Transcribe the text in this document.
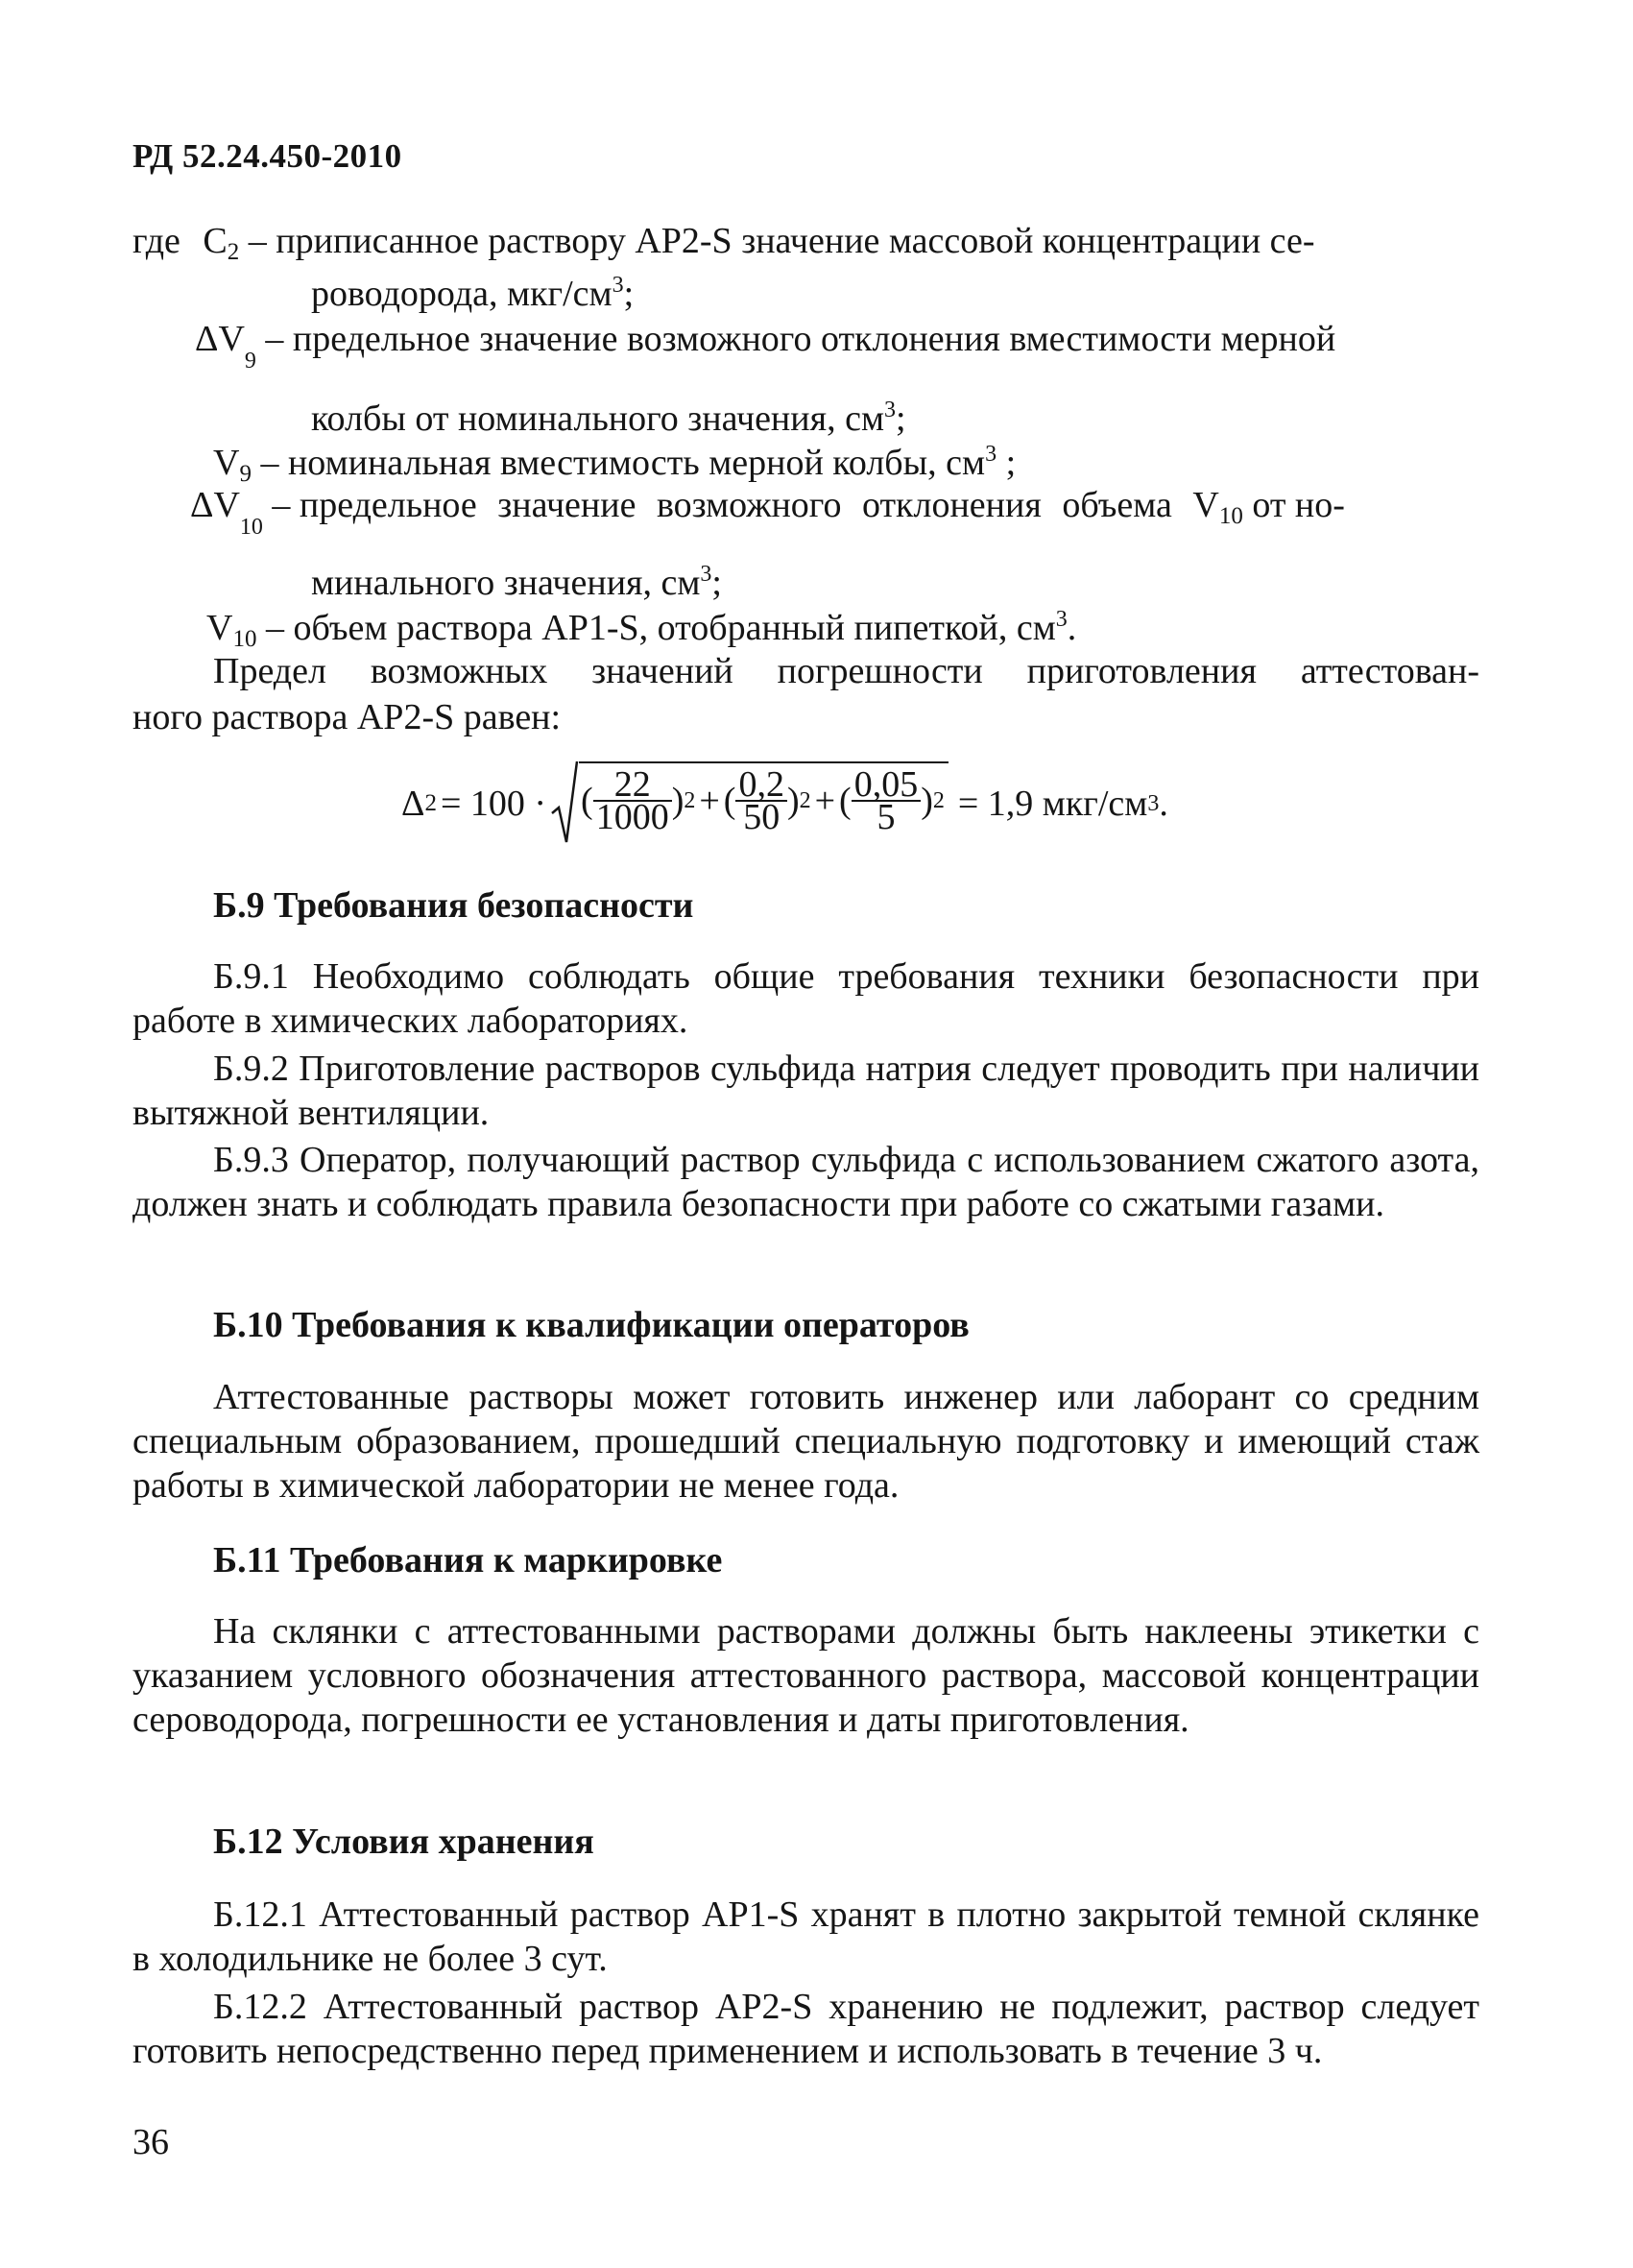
РД 52.24.450-2010
где $С_2$ – приписанное раствору АР2-S значение массовой концентрации се-
роводорода, мкг/$см^3$;
$\Delta V_9$ – предельное значение возможного отклонения вместимости мерной
колбы от номинального значения, $см^3$;
$V_9$ – номинальная вместимость мерной колбы, $см^3$ ;
$\Delta V_{10}$ – предельное значение возможного отклонения объема $V_{10}$ от но-
минального значения, $см^3$;
$V_{10}$ – объем раствора АР1-S, отобранный пипеткой, $см^3$.
Предел возможных значений погрешности приготовления аттестован-
ного раствора АР2-S равен:
Δ 2 = 100 · ( $\frac{22}{1000}$ ) 2 + ( $\frac{0,2}{50}$ ) 2 + ( $\frac{0,05}{5}$ ) 2 = 1,9 мкг/см 3 .
Б.9 Требования безопасности
Б.9.1 Необходимо соблюдать общие требования техники безопасности при работе в химических лабораториях.
Б.9.2 Приготовление растворов сульфида натрия следует проводить при наличии вытяжной вентиляции.
Б.9.3 Оператор, получающий раствор сульфида с использованием сжатого азота, должен знать и соблюдать правила безопасности при работе со сжатыми газами.
Б.10 Требования к квалификации операторов
Аттестованные растворы может готовить инженер или лаборант со средним специальным образованием, прошедший специальную подготовку и имеющий стаж работы в химической лаборатории не менее года.
Б.11 Требования к маркировке
На склянки с аттестованными растворами должны быть наклеены этикетки с указанием условного обозначения аттестованного раствора, массовой концентрации сероводорода, погрешности ее установления и даты приготовления.
Б.12 Условия хранения
Б.12.1 Аттестованный раствор АР1-S хранят в плотно закрытой темной склянке в холодильнике не более 3 сут.
Б.12.2 Аттестованный раствор АР2-S хранению не подлежит, раствор следует готовить непосредственно перед применением и использовать в течение 3 ч.
36
